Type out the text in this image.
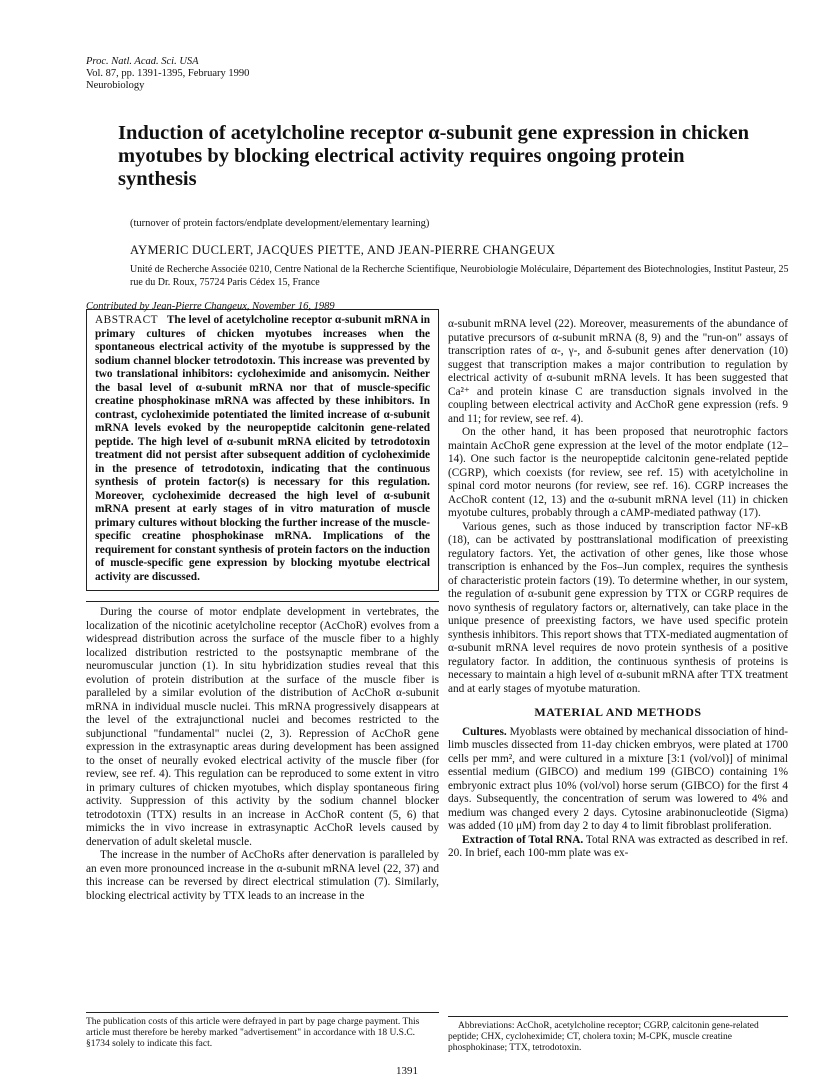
Proc. Natl. Acad. Sci. USA
Vol. 87, pp. 1391-1395, February 1990
Neurobiology
Induction of acetylcholine receptor α-subunit gene expression in chicken myotubes by blocking electrical activity requires ongoing protein synthesis
(turnover of protein factors/endplate development/elementary learning)
AYMERIC DUCLERT, JACQUES PIETTE, AND JEAN-PIERRE CHANGEUX
Unité de Recherche Associée 0210, Centre National de la Recherche Scientifique, Neurobiologie Moléculaire, Département des Biotechnologies, Institut Pasteur, 25 rue du Dr. Roux, 75724 Paris Cédex 15, France
Contributed by Jean-Pierre Changeux, November 16, 1989

ABSTRACT The level of acetylcholine receptor α-subunit mRNA in primary cultures of chicken myotubes increases when the spontaneous electrical activity of the myotube is suppressed by the sodium channel blocker tetrodotoxin. This increase was prevented by two translational inhibitors: cycloheximide and anisomycin. Neither the basal level of α-subunit mRNA nor that of muscle-specific creatine phosphokinase mRNA was affected by these inhibitors. In contrast, cycloheximide potentiated the limited increase of α-subunit mRNA levels evoked by the neuropeptide calcitonin gene-related peptide. The high level of α-subunit mRNA elicited by tetrodotoxin treatment did not persist after subsequent addition of cycloheximide in the presence of tetrodotoxin, indicating that the continuous synthesis of protein factor(s) is necessary for this regulation. Moreover, cycloheximide decreased the high level of α-subunit mRNA present at early stages of in vitro maturation of muscle primary cultures without blocking the further increase of the muscle-specific creatine phosphokinase mRNA. Implications of the requirement for constant synthesis of protein factors on the induction of muscle-specific gene expression by blocking myotube electrical activity are discussed.

During the course of motor endplate development in vertebrates, the localization of the nicotinic acetylcholine receptor (AcChoR) evolves from a widespread distribution across the surface of the muscle fiber to a highly localized distribution restricted to the postsynaptic membrane of the neuromuscular junction (1). In situ hybridization studies reveal that this evolution of protein distribution at the surface of the muscle fiber is paralleled by a similar evolution of the distribution of AcChoR α-subunit mRNA in individual muscle nuclei. This mRNA progressively disappears at the level of the extrajunctional nuclei and becomes restricted to the subjunctional "fundamental" nuclei (2, 3). Repression of AcChoR gene expression in the extrasynaptic areas during development has been assigned to the onset of neurally evoked electrical activity of the muscle fiber (for review, see ref. 4). This regulation can be reproduced to some extent in vitro in primary cultures of chicken myotubes, which display spontaneous firing activity. Suppression of this activity by the sodium channel blocker tetrodotoxin (TTX) results in an increase in AcChoR content (5, 6) that mimicks the in vivo increase in extrasynaptic AcChoR levels caused by denervation of adult skeletal muscle.

The increase in the number of AcChoRs after denervation is paralleled by an even more pronounced increase in the α-subunit mRNA level (22, 37) and this increase can be reversed by direct electrical stimulation (7). Similarly, blocking electrical activity by TTX leads to an increase in the

α-subunit mRNA level (22). Moreover, measurements of the abundance of putative precursors of α-subunit mRNA (8, 9) and the "run-on" assays of transcription rates of α-, γ-, and δ-subunit genes after denervation (10) suggest that transcription makes a major contribution to regulation by electrical activity of α-subunit mRNA levels. It has been suggested that Ca²⁺ and protein kinase C are transduction signals involved in the coupling between electrical activity and AcChoR gene expression (refs. 9 and 11; for review, see ref. 4).

On the other hand, it has been proposed that neurotrophic factors maintain AcChoR gene expression at the level of the motor endplate (12–14). One such factor is the neuropeptide calcitonin gene-related peptide (CGRP), which coexists (for review, see ref. 15) with acetylcholine in spinal cord motor neurons (for review, see ref. 16). CGRP increases the AcChoR content (12, 13) and the α-subunit mRNA level (11) in chicken myotube cultures, probably through a cAMP-mediated pathway (17).

Various genes, such as those induced by transcription factor NF-κB (18), can be activated by posttranslational modification of preexisting regulatory factors. Yet, the activation of other genes, like those whose transcription is enhanced by the Fos–Jun complex, requires the synthesis of characteristic protein factors (19). To determine whether, in our system, the regulation of α-subunit gene expression by TTX or CGRP requires de novo synthesis of regulatory factors or, alternatively, can take place in the unique presence of preexisting factors, we have used specific protein synthesis inhibitors. This report shows that TTX-mediated augmentation of α-subunit mRNA level requires de novo protein synthesis of a positive regulatory factor. In addition, the continuous synthesis of proteins is necessary to maintain a high level of α-subunit mRNA after TTX treatment and at early stages of myotube maturation.

MATERIAL AND METHODS

Cultures. Myoblasts were obtained by mechanical dissociation of hind-limb muscles dissected from 11-day chicken embryos, were plated at 1700 cells per mm², and were cultured in a mixture [3:1 (vol/vol)] of minimal essential medium (GIBCO) and medium 199 (GIBCO) containing 1% embryonic extract plus 10% (vol/vol) horse serum (GIBCO) for the first 4 days. Subsequently, the concentration of serum was lowered to 4% and medium was changed every 2 days. Cytosine arabinonucleotide (Sigma) was added (10 μM) from day 2 to day 4 to limit fibroblast proliferation.

Extraction of Total RNA. Total RNA was extracted as described in ref. 20. In brief, each 100-mm plate was ex-

The publication costs of this article were defrayed in part by page charge payment. This article must therefore be hereby marked "advertisement" in accordance with 18 U.S.C. §1734 solely to indicate this fact.
Abbreviations: AcChoR, acetylcholine receptor; CGRP, calcitonin gene-related peptide; CHX, cycloheximide; CT, cholera toxin; M-CPK, muscle creatine phosphokinase; TTX, tetrodotoxin.
1391
